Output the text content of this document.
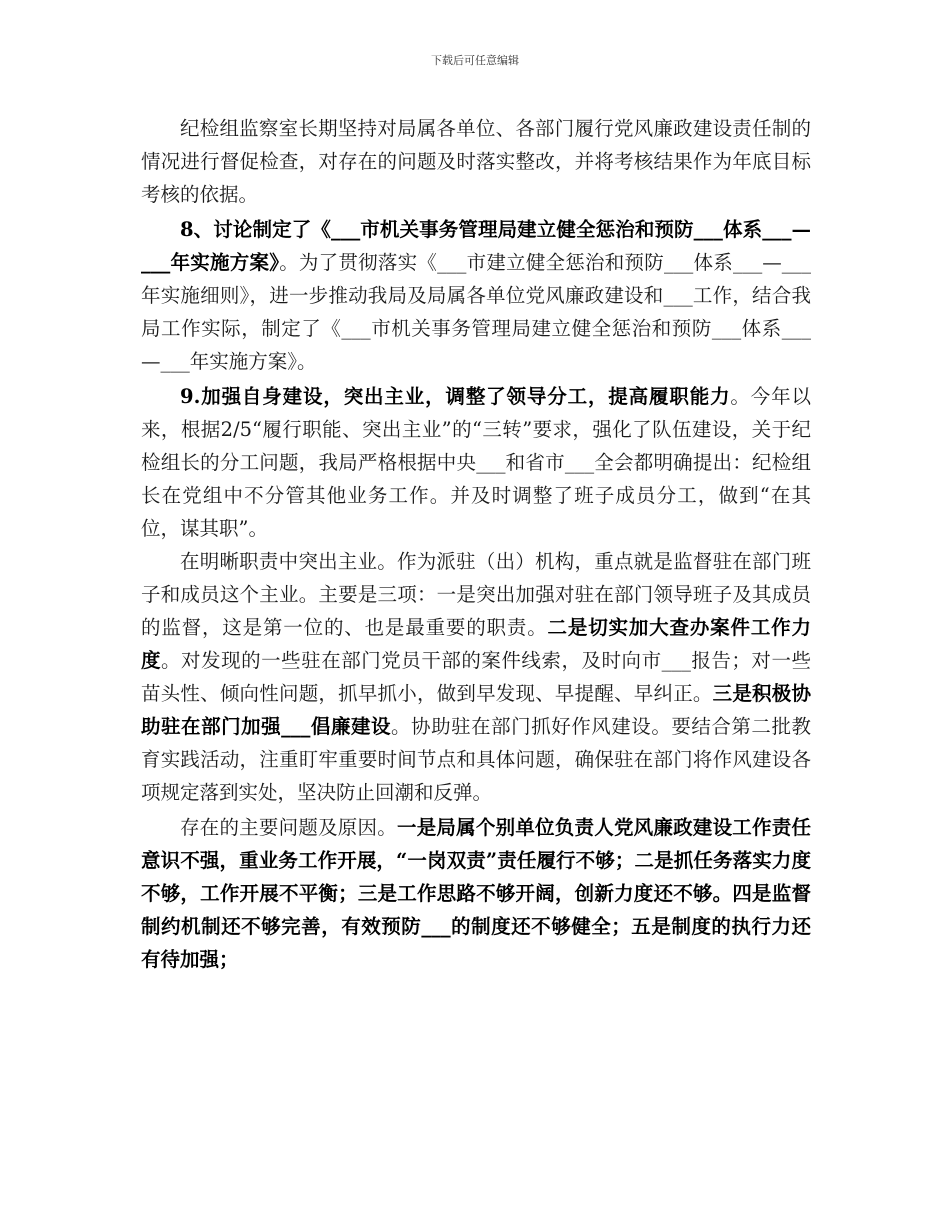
下载后可任意编辑

纪检组监察室长期坚持对局属各单位、各部门履行党风廉政建设责任制的情况进行督促检查，对存在的问题及时落实整改，并将考核结果作为年底目标考核的依据。

8、讨论制定了《___市机关事务管理局建立健全惩治和预防___体系___—___年实施方案》。为了贯彻落实《___市建立健全惩治和预防___体系___—___年实施细则》，进一步推动我局及局属各单位党风廉政建设和___工作，结合我局工作实际，制定了《___市机关事务管理局建立健全惩治和预防___体系___—___年实施方案》。

9.加强自身建设，突出主业，调整了领导分工，提高履职能力。今年以来，根据2/5“履行职能、突出主业”的“三转”要求，强化了队伍建设，关于纪检组长的分工问题，我局严格根据中央___和省市___全会都明确提出：纪检组长在党组中不分管其他业务工作。并及时调整了班子成员分工，做到“在其位，谋其职”。

在明晰职责中突出主业。作为派驻（出）机构，重点就是监督驻在部门班子和成员这个主业。主要是三项：一是突出加强对驻在部门领导班子及其成员的监督，这是第一位的、也是最重要的职责。二是切实加大查办案件工作力度。对发现的一些驻在部门党员干部的案件线索，及时向市___报告；对一些苗头性、倾向性问题，抓早抓小，做到早发现、早提醒、早纠正。三是积极协助驻在部门加强___倡廉建设。协助驻在部门抓好作风建设。要结合第二批教育实践活动，注重盯牢重要时间节点和具体问题，确保驻在部门将作风建设各项规定落到实处，坚决防止回潮和反弹。

存在的主要问题及原因。一是局属个别单位负责人党风廉政建设工作责任意识不强，重业务工作开展，“一岗双责”责任履行不够；二是抓任务落实力度不够，工作开展不平衡；三是工作思路不够开阔，创新力度还不够。四是监督制约机制还不够完善，有效预防___的制度还不够健全；五是制度的执行力还有待加强；
